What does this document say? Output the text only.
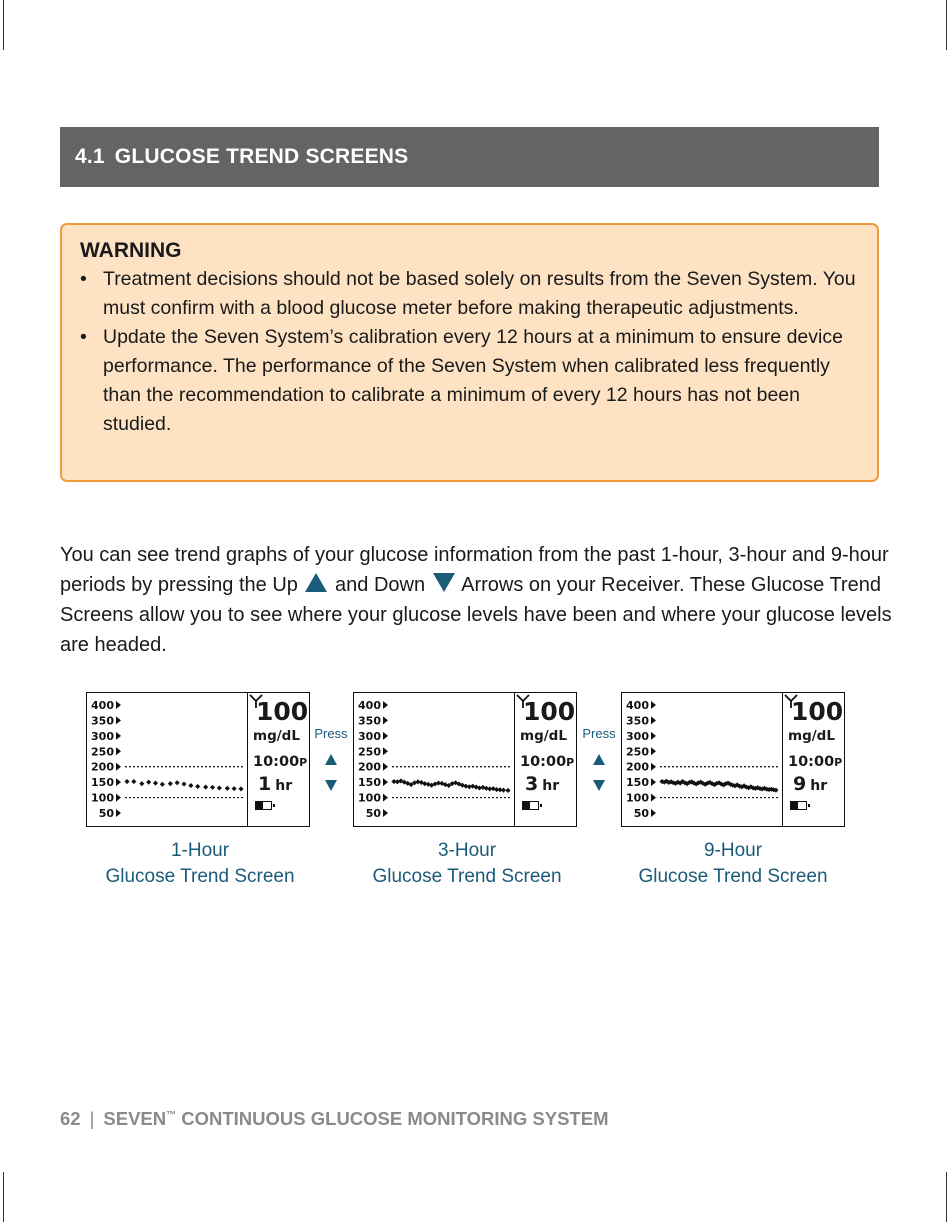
4.1 GLUCOSE TREND SCREENS
WARNING
• Treatment decisions should not be based solely on results from the Seven System. You must confirm with a blood glucose meter before making therapeutic adjustments.
• Update the Seven System’s calibration every 12 hours at a minimum to ensure device performance. The performance of the Seven System when calibrated less frequently than the recommendation to calibrate a minimum of every 12 hours has not been studied.
You can see trend graphs of your glucose information from the past 1-hour, 3-hour and 9-hour periods by pressing the Up and Down Arrows on your Receiver. These Glucose Trend Screens allow you to see where your glucose levels have been and where your glucose levels are headed.
400
350
300
250
200
150
100
50
100
mg/dL
10:00P
1 hr
Press
400
350
300
250
200
150
100
50
100
mg/dL
10:00P
3 hr
Press
400
350
300
250
200
150
100
50
100
mg/dL
10:00P
9 hr
1-Hour
Glucose Trend Screen
3-Hour
Glucose Trend Screen
9-Hour
Glucose Trend Screen
62 | SEVEN™ CONTINUOUS GLUCOSE MONITORING SYSTEM
